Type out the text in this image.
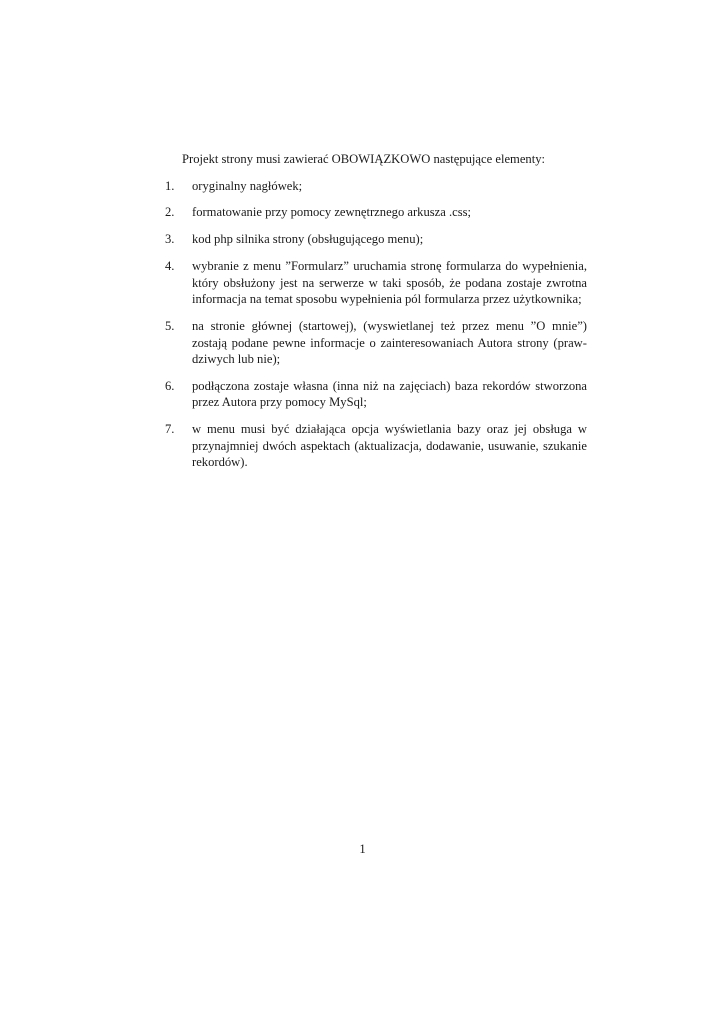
Projekt strony musi zawierać OBOWIĄZKOWO następujące elementy:

1.	oryginalny nagłówek;
2.	formatowanie przy pomocy zewnętrznego arkusza .css;
3.	kod php silnika strony (obsługującego menu);
4.	wybranie z menu ”Formularz” uruchamia stronę formularza do wypełnienia, który obsłużony jest na serwerze w taki sposób, że podana zostaje zwrotna informacja na temat sposobu wypełnienia pól formularza przez użytkownika;
5.	na stronie głównej (startowej), (wyswietlanej też przez menu ”O mnie”) zostają podane pewne informacje o zainteresowaniach Autora strony (prawdziwych lub nie);
6.	podłączona zostaje własna (inna niż na zajęciach) baza rekordów stworzona przez Autora przy pomocy MySql;
7.	w menu musi być działająca opcja wyświetlania bazy oraz jej obsługa w przynajmniej dwóch aspektach (aktualizacja, dodawanie, usuwanie, szukanie rekordów).
1
